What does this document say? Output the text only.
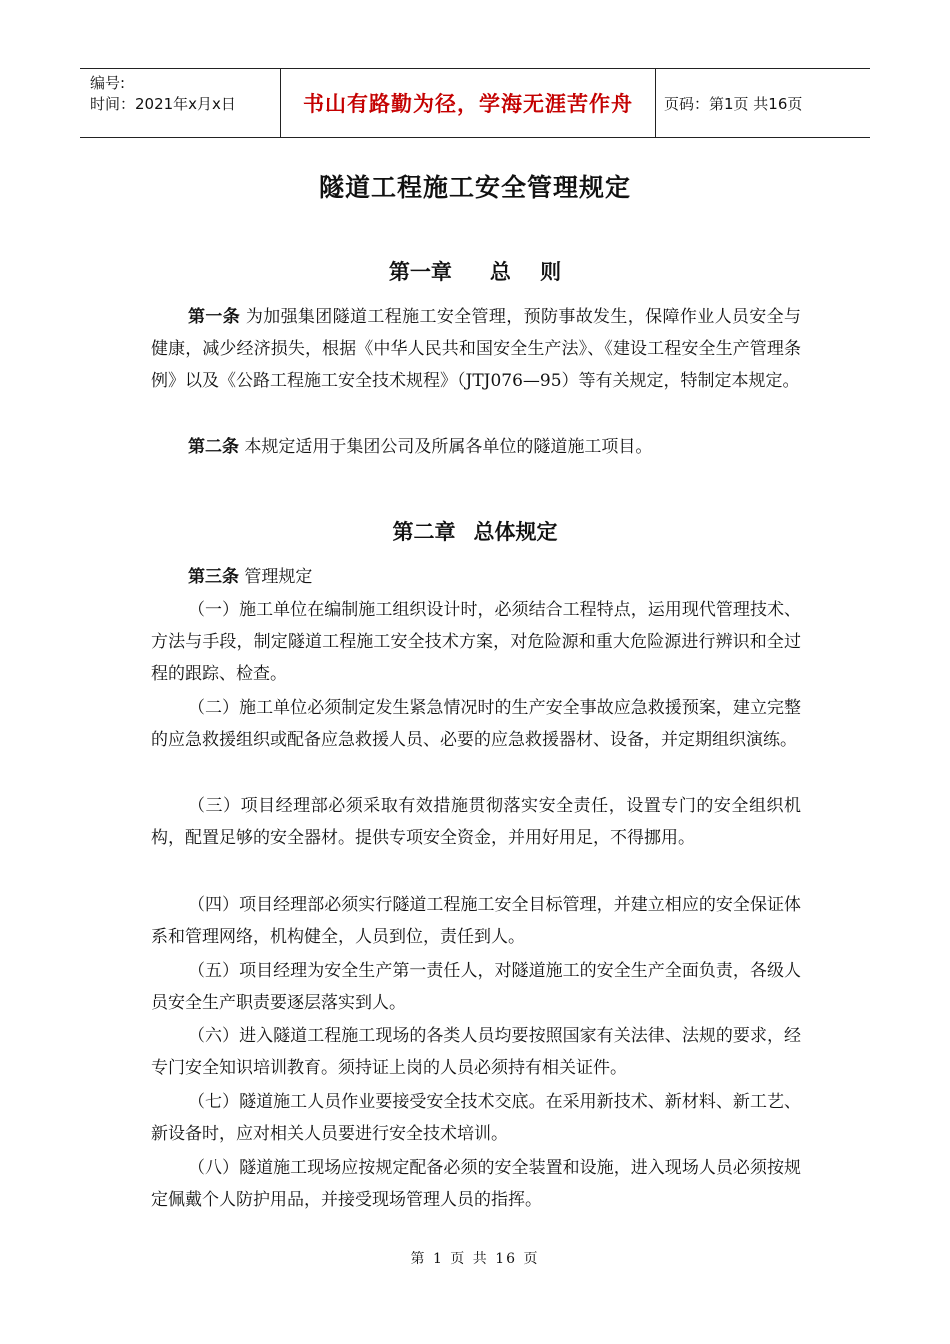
编号:
时间：2021年x月x日	书山有路勤为径，学海无涯苦作舟	页码：第1页 共16页
隧道工程施工安全管理规定
第一章 总    则
第一条 为加强集团隧道工程施工安全管理，预防事故发生，保障作业人员安全与健康，减少经济损失，根据《中华人民共和国安全生产法》、《建设工程安全生产管理条例》以及《公路工程施工安全技术规程》（JTJ076—95）等有关规定，特制定本规定。
第二条 本规定适用于集团公司及所属各单位的隧道施工项目。
第二章 总体规定
第三条 管理规定
（一）施工单位在编制施工组织设计时，必须结合工程特点，运用现代管理技术、方法与手段，制定隧道工程施工安全技术方案，对危险源和重大危险源进行辨识和全过程的跟踪、检查。
（二）施工单位必须制定发生紧急情况时的生产安全事故应急救援预案，建立完整的应急救援组织或配备应急救援人员、必要的应急救援器材、设备，并定期组织演练。
（三）项目经理部必须采取有效措施贯彻落实安全责任，设置专门的安全组织机构，配置足够的安全器材。提供专项安全资金，并用好用足，不得挪用。
（四）项目经理部必须实行隧道工程施工安全目标管理，并建立相应的安全保证体系和管理网络，机构健全，人员到位，责任到人。
（五）项目经理为安全生产第一责任人，对隧道施工的安全生产全面负责，各级人员安全生产职责要逐层落实到人。
（六）进入隧道工程施工现场的各类人员均要按照国家有关法律、法规的要求，经专门安全知识培训教育。须持证上岗的人员必须持有相关证件。
（七）隧道施工人员作业要接受安全技术交底。在采用新技术、新材料、新工艺、新设备时，应对相关人员要进行安全技术培训。
（八）隧道施工现场应按规定配备必须的安全装置和设施，进入现场人员必须按规定佩戴个人防护用品，并接受现场管理人员的指挥。
第 1 页 共 16 页
